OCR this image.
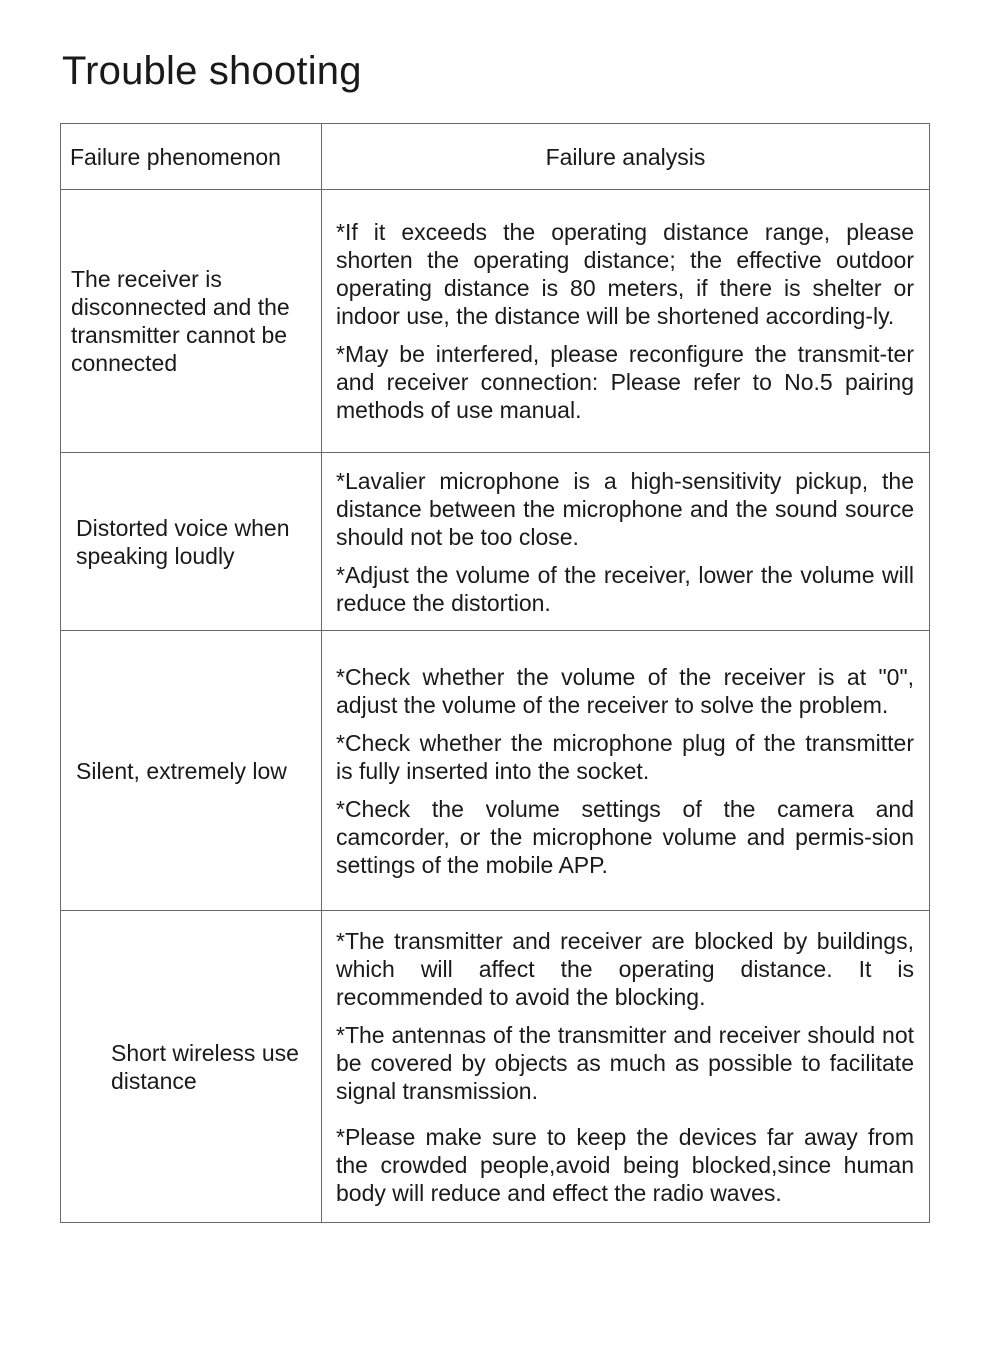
Trouble shooting
Failure phenomenon	Failure analysis

The receiver is disconnected and the transmitter cannot be connected	*If it exceeds the operating distance range, please shorten the operating distance; the effective outdoor operating distance is 80 meters, if there is shelter or indoor use, the distance will be shortened according-ly.

*May be interfered, please reconfigure the transmit-ter and receiver connection: Please refer to No.5 pairing methods of use manual.

Distorted voice when speaking loudly	*Lavalier microphone is a high-sensitivity pickup, the distance between the microphone and the sound source should not be too close.

*Adjust the volume of the receiver, lower the volume will reduce the distortion.

Silent, extremely low	*Check whether the volume of the receiver is at "0", adjust the volume of the receiver to solve the problem.

*Check whether the microphone plug of the transmitter is fully inserted into the socket.

*Check the volume settings of the camera and camcorder, or the microphone volume and permis-sion settings of the mobile APP.

Short wireless use distance	*The transmitter and receiver are blocked by buildings, which will affect the operating distance. It is recommended to avoid the blocking.

*The antennas of the transmitter and receiver should not be covered by objects as much as possible to facilitate signal transmission.

*Please make sure to keep the devices far away from the crowded people,avoid being blocked,since human body will reduce and effect the radio waves.
